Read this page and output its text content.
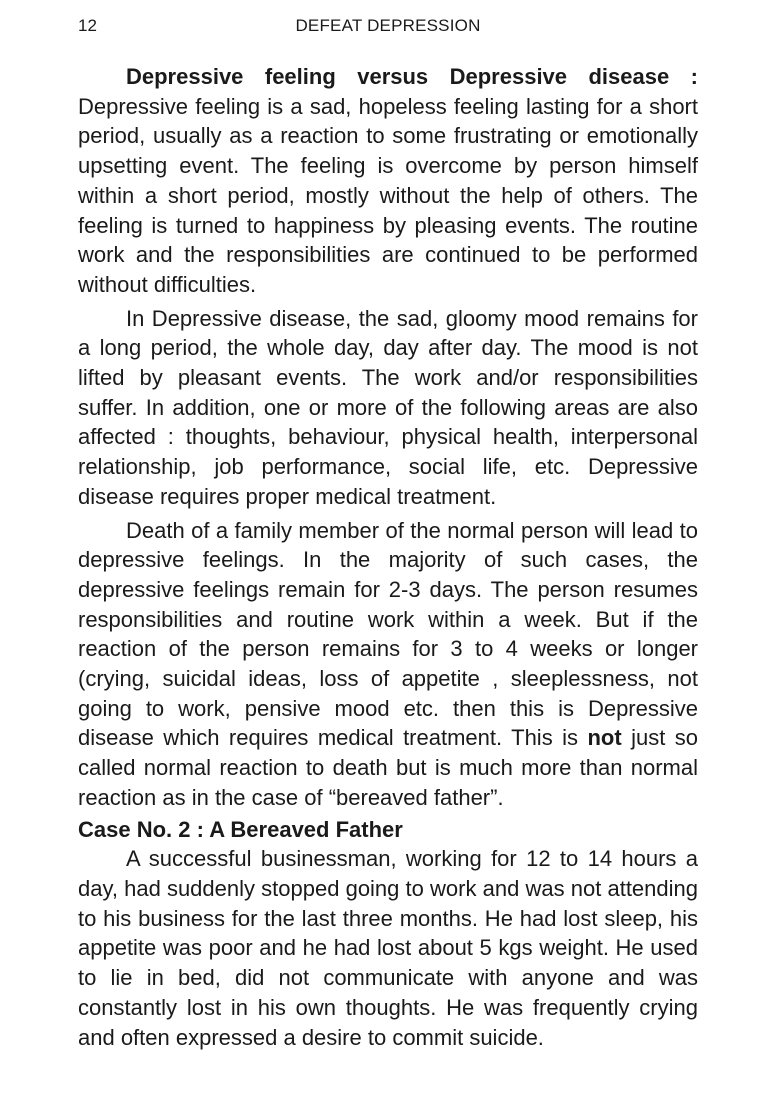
12	DEFEAT DEPRESSION

Depressive feeling versus Depressive disease : Depressive feeling is a sad, hopeless feeling lasting for a short period, usually as a reaction to some frustrating or emotionally upsetting event. The feeling is overcome by person himself within a short period, mostly without the help of others. The feeling is turned to happiness by pleasing events. The routine work and the responsibilities are continued to be performed without difficulties.

In Depressive disease, the sad, gloomy mood remains for a long period, the whole day, day after day. The mood is not lifted by pleasant events. The work and/or responsibilities suffer. In addition, one or more of the following areas are also affected : thoughts, behaviour, physical health, interpersonal relationship, job performance, social life, etc. Depressive disease requires proper medical treatment.

Death of a family member of the normal person will lead to depressive feelings. In the majority of such cases, the depressive feelings remain for 2-3 days. The person resumes responsibilities and routine work within a week. But if the reaction of the person remains for 3 to 4 weeks or longer (crying, suicidal ideas, loss of appetite , sleeplessness, not going to work, pensive mood etc. then this is Depressive disease which requires medical treatment. This is not just so called normal reaction to death but is much more than normal reaction as in the case of “bereaved father”.

Case No. 2 : A Bereaved Father

A successful businessman, working for 12 to 14 hours a day, had suddenly stopped going to work and was not attending to his business for the last three months. He had lost sleep, his appetite was poor and he had lost about 5 kgs weight. He used to lie in bed, did not communicate with anyone and was constantly lost in his own thoughts. He was frequently crying and often expressed a desire to commit suicide.
